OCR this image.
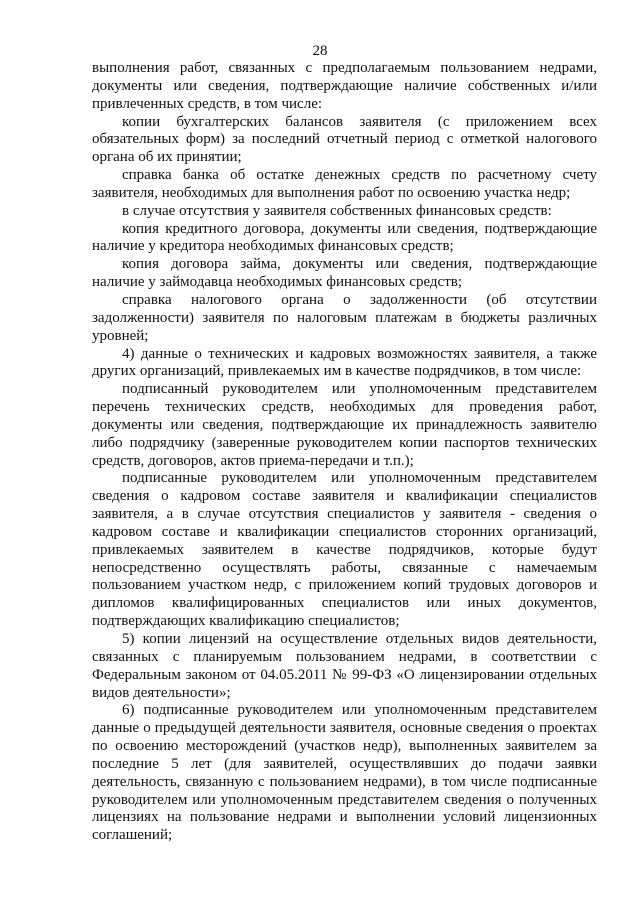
28

выполнения работ, связанных с предполагаемым пользованием недрами, документы или сведения, подтверждающие наличие собственных и/или привлеченных средств, в том числе:

копии бухгалтерских балансов заявителя (с приложением всех обязательных форм) за последний отчетный период с отметкой налогового органа об их принятии;

справка банка об остатке денежных средств по расчетному счету заявителя, необходимых для выполнения работ по освоению участка недр;

в случае отсутствия у заявителя собственных финансовых средств:

копия кредитного договора, документы или сведения, подтверждающие наличие у кредитора необходимых финансовых средств;

копия договора займа, документы или сведения, подтверждающие наличие у займодавца необходимых финансовых средств;

справка налогового органа о задолженности (об отсутствии задолженности) заявителя по налоговым платежам в бюджеты различных уровней;

4) данные о технических и кадровых возможностях заявителя, а также других организаций, привлекаемых им в качестве подрядчиков, в том числе:

подписанный руководителем или уполномоченным представителем перечень технических средств, необходимых для проведения работ, документы или сведения, подтверждающие их принадлежность заявителю либо подрядчику (заверенные руководителем копии паспортов технических средств, договоров, актов приема-передачи и т.п.);

подписанные руководителем или уполномоченным представителем сведения о кадровом составе заявителя и квалификации специалистов заявителя, а в случае отсутствия специалистов у заявителя - сведения о кадровом составе и квалификации специалистов сторонних организаций, привлекаемых заявителем в качестве подрядчиков, которые будут непосредственно осуществлять работы, связанные с намечаемым пользованием участком недр, с приложением копий трудовых договоров и дипломов квалифицированных специалистов или иных документов, подтверждающих квалификацию специалистов;

5) копии лицензий на осуществление отдельных видов деятельности, связанных с планируемым пользованием недрами, в соответствии с Федеральным законом от 04.05.2011 № 99-ФЗ «О лицензировании отдельных видов деятельности»;

6) подписанные руководителем или уполномоченным представителем данные о предыдущей деятельности заявителя, основные сведения о проектах по освоению месторождений (участков недр), выполненных заявителем за последние 5 лет (для заявителей, осуществлявших до подачи заявки деятельность, связанную с пользованием недрами), в том числе подписанные руководителем или уполномоченным представителем сведения о полученных лицензиях на пользование недрами и выполнении условий лицензионных соглашений;
